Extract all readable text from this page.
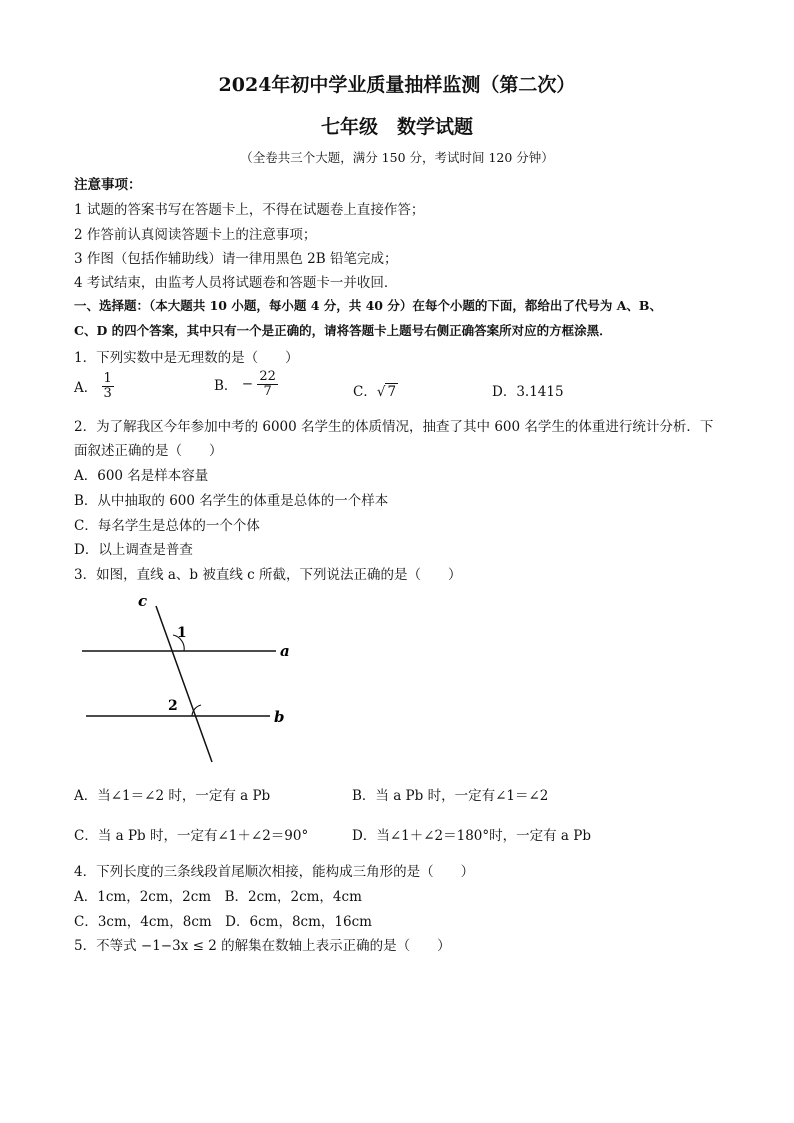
2024年初中学业质量抽样监测（第二次）
七年级　数学试题
（全卷共三个大题，满分 150 分，考试时间 120 分钟）
注意事项：
1 试题的答案书写在答题卡上，不得在试题卷上直接作答；
2 作答前认真阅读答题卡上的注意事项；
3 作图（包括作辅助线）请一律用黑色 2B 铅笔完成；
4 考试结束，由监考人员将试题卷和答题卡一并收回．
一、选择题：（本大题共 10 小题，每小题 4 分，共 40 分）在每个小题的下面，都给出了代号为 A、B、
C、D 的四个答案，其中只有一个是正确的，请将答题卡上题号右侧正确答案所对应的方框涂黑．
1．下列实数中是无理数的是（　　）
A． $\frac{1}{3}$	B． − $\frac{22}{7}$	C．√ 7	D．3.1415
2．为了解我区今年参加中考的 6000 名学生的体质情况，抽查了其中 600 名学生的体重进行统计分析．下
面叙述正确的是（　　）
A．600 名是样本容量
B．从中抽取的 600 名学生的体重是总体的一个样本
C．每名学生是总体的一个个体
D．以上调查是普查
3．如图，直线 a、b 被直线 c 所截，下列说法正确的是（　　）
c
a
b
1
2
A．当∠1＝∠2 时，一定有 a Pb	B．当 a Pb 时，一定有∠1＝∠2
C．当 a Pb 时，一定有∠1＋∠2＝90°	D．当∠1＋∠2＝180°时，一定有 a Pb
4．下列长度的三条线段首尾顺次相接，能构成三角形的是（　　）
A．1cm，2cm，2cm　B．2cm，2cm，4cm
C．3cm，4cm，8cm　D．6cm，8cm，16cm
5．不等式 −1−3x ≤ 2 的解集在数轴上表示正确的是（　　）
